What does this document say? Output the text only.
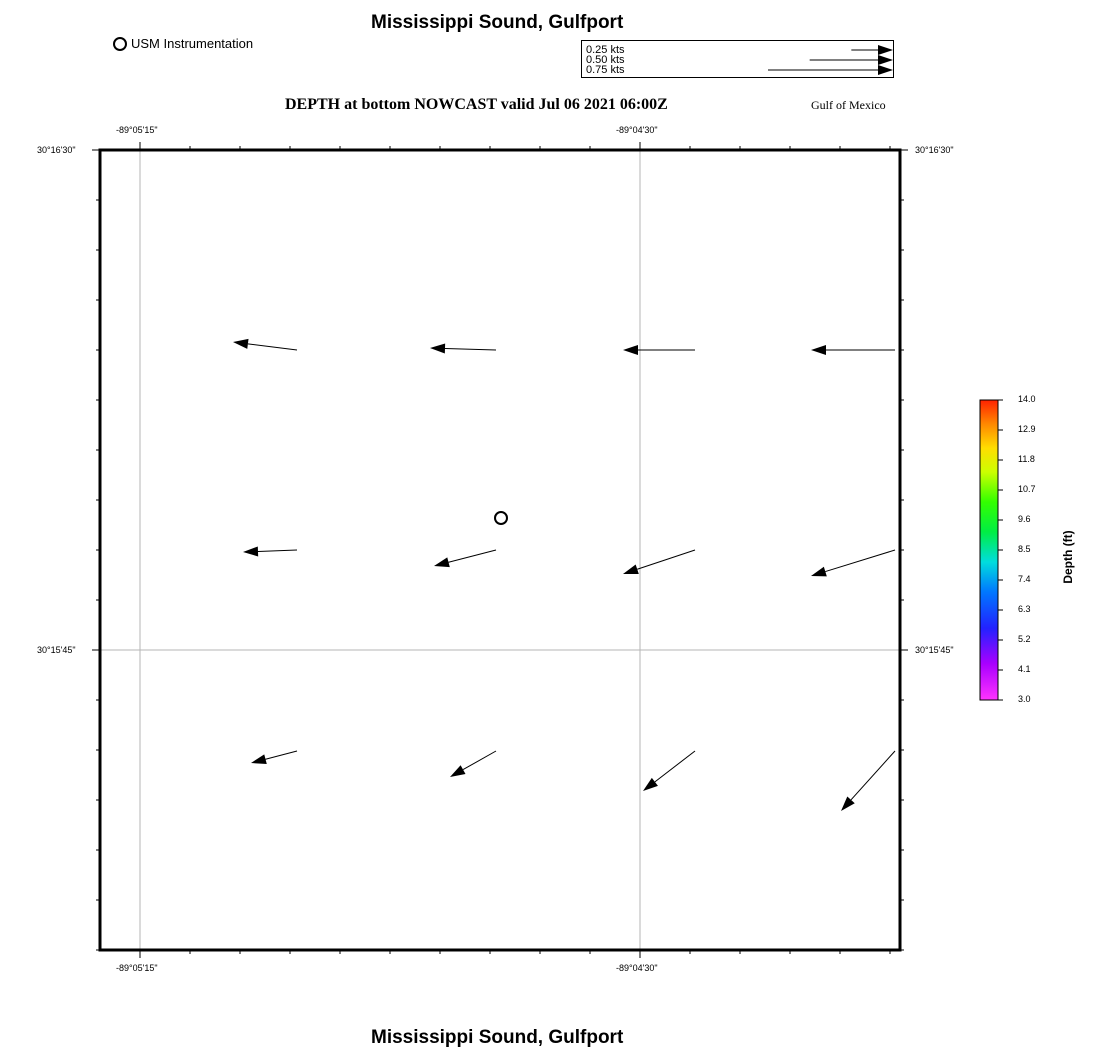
Mississippi Sound, Gulfport
Mississippi Sound, Gulfport
USM Instrumentation	0.25 kts
0.50 kts
0.75 kts
DEPTH at bottom NOWCAST valid Jul 06 2021 06:00Z	Gulf of Mexico
-89°05'15"	-89°04'30"
-89°05'15"	-89°04'30"
30°16'30"
30°15'45"
30°16'30"
30°15'45"
14.0
12.9
11.8
10.7
9.6
8.5
7.4
6.3
5.2
4.1
3.0
Depth (ft)
